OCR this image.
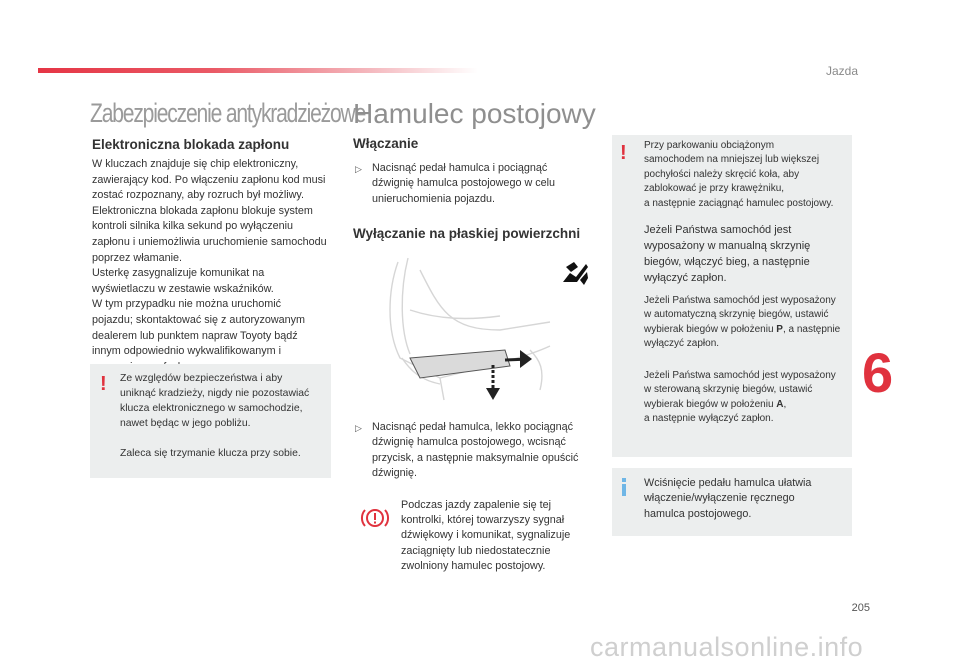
Jazda
Zabezpieczenie antykradzieżowe
Elektroniczna blokada zapłonu
W kluczach znajduje się chip elektroniczny,
zawierający kod. Po włączeniu zapłonu kod musi
zostać rozpoznany, aby rozruch był możliwy.
Elektroniczna blokada zapłonu blokuje system
kontroli silnika kilka sekund po wyłączeniu
zapłonu i uniemożliwia uruchomienie samochodu
poprzez włamanie.
Usterkę zasygnalizuje komunikat na
wyświetlaczu w zestawie wskaźników.
W tym przypadku nie można uruchomić
pojazdu; skontaktować się z autoryzowanym
dealerem lub punktem napraw Toyoty bądź
innym odpowiednio wykwalifikowanym i

! Ze względów bezpieczeństwa i aby
uniknąć kradzieży, nigdy nie pozostawiać
klucza elektronicznego w samochodzie,
nawet będąc w jego pobliżu.

Zaleca się trzymanie klucza przy sobie.
Hamulec postojowy
Włączanie
▷ Nacisnąć pedał hamulca i pociągnąć
dźwignię hamulca postojowego w celu
unieruchomienia pojazdu.
Wyłączanie na płaskiej powierzchni
▷ Nacisnąć pedał hamulca, lekko pociągnąć
dźwignię hamulca postojowego, wcisnąć
przycisk, a następnie maksymalnie opuścić
dźwignię.
Podczas jazdy zapalenie się tej
kontrolki, której towarzyszy sygnał
dźwiękowy i komunikat, sygnalizuje
zaciągnięty lub niedostatecznie
zwolniony hamulec postojowy.
! Przy parkowaniu obciążonym
samochodem na mniejszej lub większej
pochyłości należy skręcić koła, aby
zablokować je przy krawężniku,
a następnie zaciągnąć hamulec postojowy.
Jeżeli Państwa samochód jest
wyposażony w manualną skrzynię
biegów, włączyć bieg, a następnie
wyłączyć zapłon.
Jeżeli Państwa samochód jest wyposażony
w automatyczną skrzynię biegów, ustawić
wybierak biegów w położeniu P, a następnie
wyłączyć zapłon.
Jeżeli Państwa samochód jest wyposażony
w sterowaną skrzynię biegów, ustawić
wybierak biegów w położeniu A,
a następnie wyłączyć zapłon.
Wciśnięcie pedału hamulca ułatwia
włączenie/wyłączenie ręcznego
hamulca postojowego.
6
205
carmanualsonline.info
